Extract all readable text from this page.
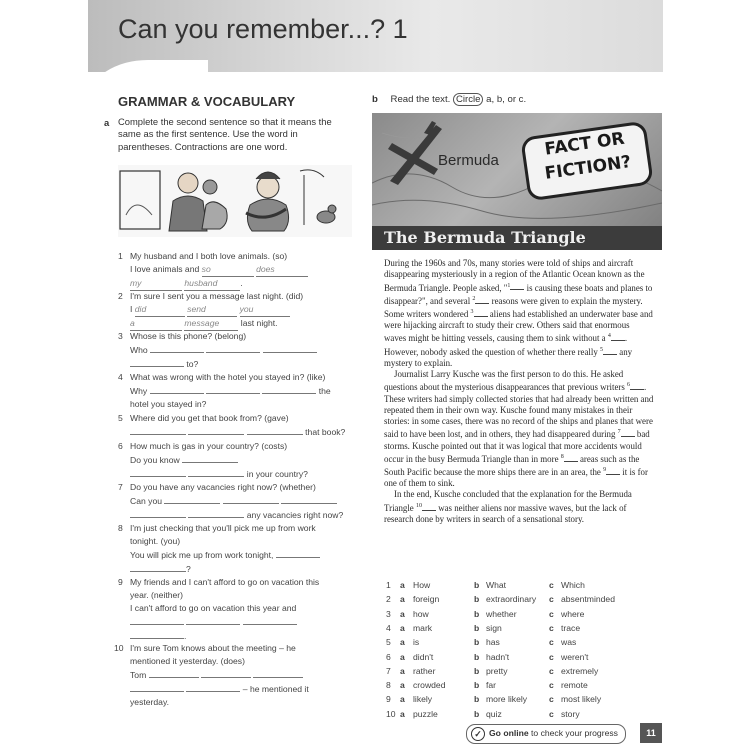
Can you remember...? 1
GRAMMAR & VOCABULARY
a Complete the second sentence so that it means the same as the first sentence. Use the word in parentheses. Contractions are one word.
1 My husband and I both love animals. (so)
I love animals and so	does
my	husband	.
2 I'm sure I sent you a message last night. (did)
I did	send	you
a	message	last night.
3 Whose is this phone? (belong)
Who
to?
4 What was wrong with the hotel you stayed in? (like)
Why	the
hotel you stayed in?
5 Where did you get that book from? (gave)
that book?
6 How much is gas in your country? (costs)
Do you know
in your country?
7 Do you have any vacancies right now? (whether)
Can you
any vacancies right now?
8 I'm just checking that you'll pick me up from work
tonight. (you)
You will pick me up from work tonight,
?
9 My friends and I can't afford to go on vacation this
year. (neither)
I can't afford to go on vacation this year and

.
10 I'm sure Tom knows about the meeting – he
mentioned it yesterday. (does)
Tom
– he mentioned it
yesterday.
b Read the text. Circle a, b, or c.
Bermuda
FACT OR
FICTION?
The Bermuda Triangle

During the 1960s and 70s, many stories were told of ships and aircraft disappearing mysteriously in a region of the Atlantic Ocean known as the Bermuda Triangle. People asked, "$^1$ is causing these boats and planes to disappear?", and several $^2$ reasons were given to explain the mystery. Some writers wondered $^3$ aliens had established an underwater base and were hijacking aircraft to study their crew. Others said that enormous waves might be hitting vessels, causing them to sink without a $^4$ . However, nobody asked the question of whether there really $^5$ any mystery to explain.

Journalist Larry Kusche was the first person to do this. He asked questions about the mysterious disappearances that previous writers $^6$ . These writers had simply collected stories that had already been written and repeated them in their own way. Kusche found many mistakes in their stories: in some cases, there was no record of the ships and planes that were said to have been lost, and in others, they had disappeared during $^7$ bad storms. Kusche pointed out that it was logical that more accidents would occur in the busy Bermuda Triangle than in more $^8$ areas such as the South Pacific because the more ships there are in an area, the $^9$ it is for one of them to sink.

In the end, Kusche concluded that the explanation for the Bermuda Triangle $^{10}$ was neither aliens nor massive waves, but the lack of research done by writers in search of a sensational story.

1 a How	b What	c Which
2 a foreign	b extraordinary c absentminded
3 a how	b whether	c where
4 a mark	b sign	c trace
5 a is	b has	c was
6 a didn't	b hadn't	c weren't
7 a rather	b pretty	c extremely
8 a crowded	b far	c remote
9 a likely	b more likely	c most likely
10 a puzzle	b quiz	c story
✓ Go online to check your progress	11
